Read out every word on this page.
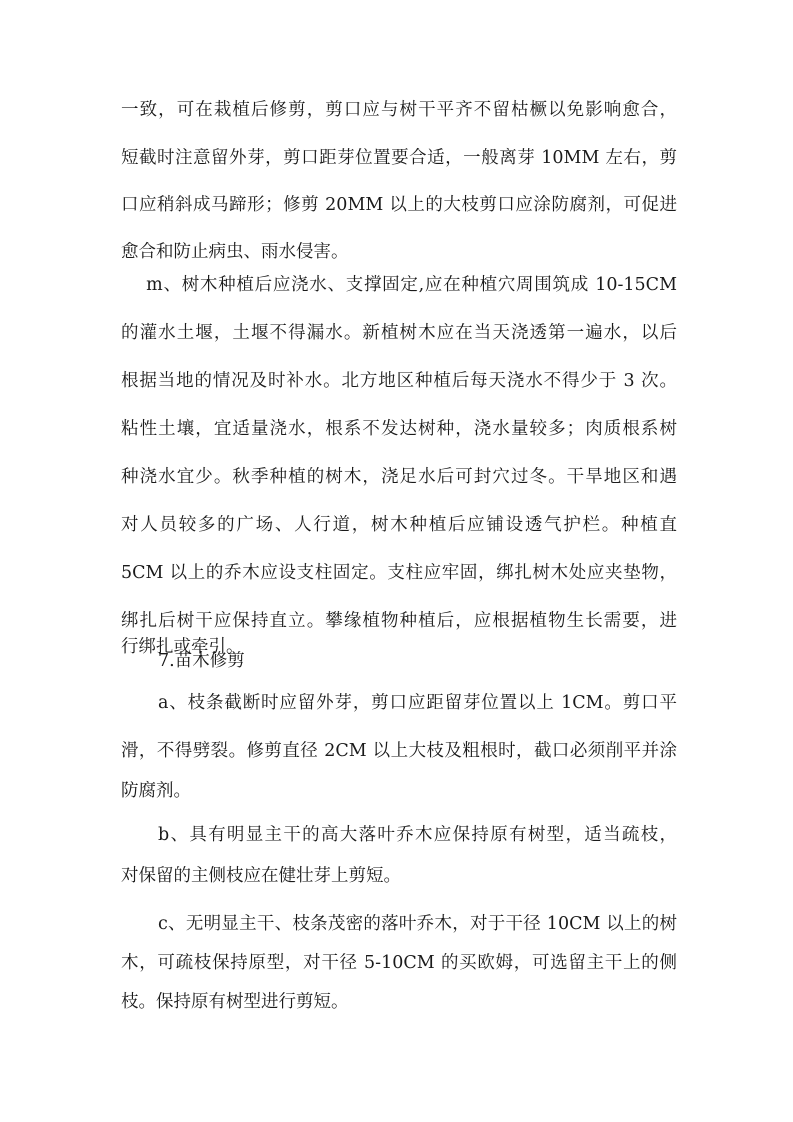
一致，可在栽植后修剪，剪口应与树干平齐不留枯橛以免影响愈合，
短截时注意留外芽，剪口距芽位置要合适，一般离芽 10MM 左右，剪
口应稍斜成马蹄形；修剪 20MM 以上的大枝剪口应涂防腐剂，可促进
愈合和防止病虫、雨水侵害。
m、树木种植后应浇水、支撑固定,应在种植穴周围筑成 10-15CM
的灌水土堰，土堰不得漏水。新植树木应在当天浇透第一遍水，以后
根据当地的情况及时补水。北方地区种植后每天浇水不得少于 3 次。
粘性土壤，宜适量浇水，根系不发达树种，浇水量较多；肉质根系树
种浇水宜少。秋季种植的树木，浇足水后可封穴过冬。干旱地区和遇
对人员较多的广场、人行道，树木种植后应铺设透气护栏。种植直
5CM 以上的乔木应设支柱固定。支柱应牢固，绑扎树木处应夹垫物，
绑扎后树干应保持直立。攀缘植物种植后，应根据植物生长需要，进
行绑扎或牵引。
7.苗木修剪
a、枝条截断时应留外芽，剪口应距留芽位置以上 1CM。剪口平
滑，不得劈裂。修剪直径 2CM 以上大枝及粗根时，截口必须削平并涂
防腐剂。
b、具有明显主干的高大落叶乔木应保持原有树型，适当疏枝，
对保留的主侧枝应在健壮芽上剪短。
c、无明显主干、枝条茂密的落叶乔木，对于干径 10CM 以上的树
木，可疏枝保持原型，对干径 5-10CM 的买欧姆，可选留主干上的侧
枝。保持原有树型进行剪短。
